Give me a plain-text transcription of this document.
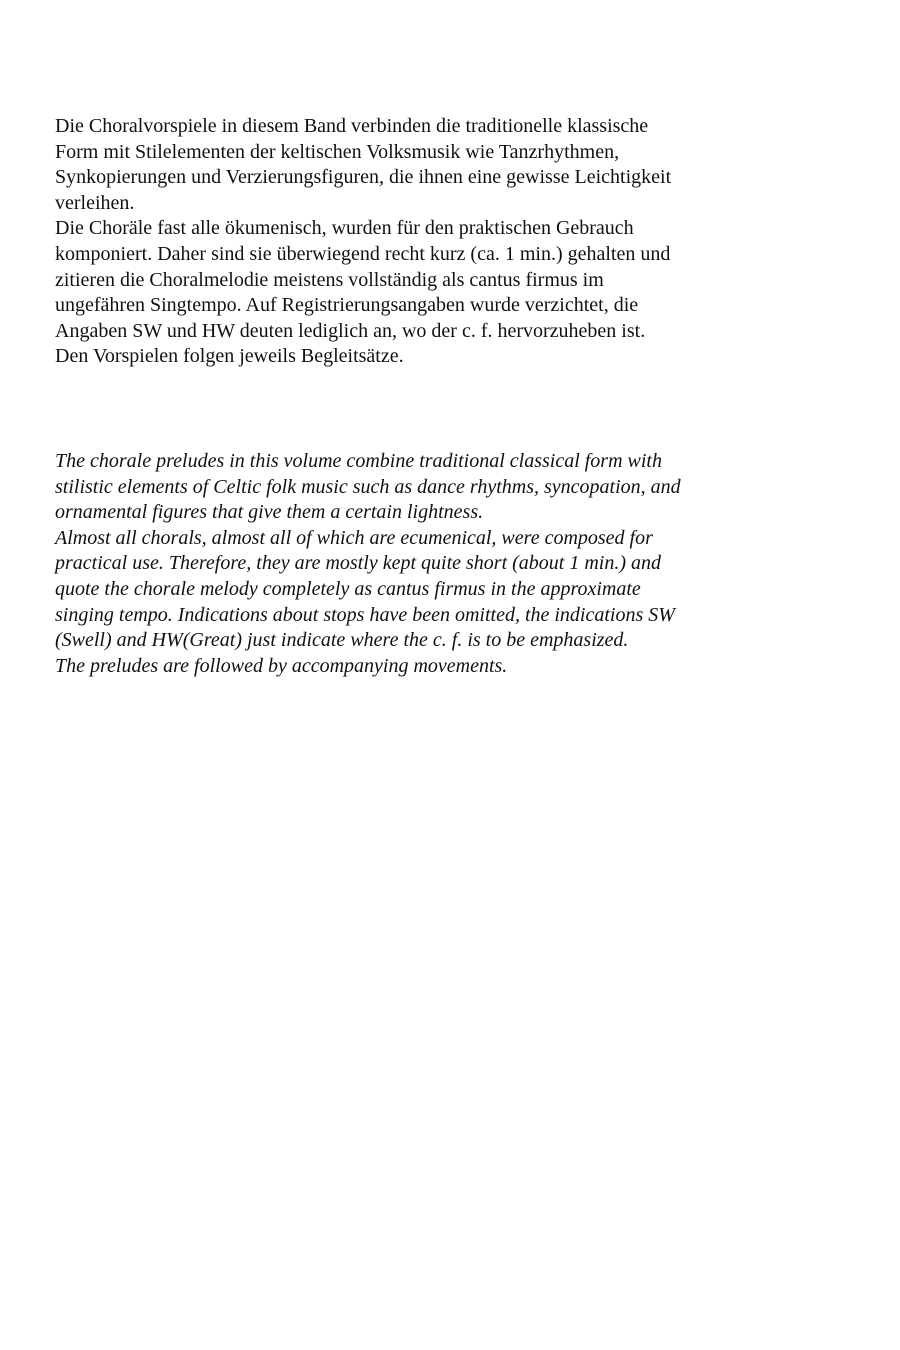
Die Choralvorspiele in diesem Band verbinden die traditionelle klassische
Form mit Stilelementen der keltischen Volksmusik wie Tanzrhythmen,
Synkopierungen und Verzierungsfiguren, die ihnen eine gewisse Leichtigkeit
verleihen.
Die Choräle fast alle ökumenisch, wurden für den praktischen Gebrauch
komponiert. Daher sind sie überwiegend recht kurz (ca. 1 min.) gehalten und
zitieren die Choralmelodie meistens vollständig als cantus firmus im
ungefähren Singtempo. Auf Registrierungsangaben wurde verzichtet, die
Angaben SW und HW deuten lediglich an, wo der c. f. hervorzuheben ist.
Den Vorspielen folgen jeweils Begleitsätze.
The chorale preludes in this volume combine traditional classical form with
stilistic elements of Celtic folk music such as dance rhythms, syncopation, and
ornamental figures that give them a certain lightness.
Almost all chorals, almost all of which are ecumenical, were composed for
practical use. Therefore, they are mostly kept quite short (about 1 min.) and
quote the chorale melody completely as cantus firmus in the approximate
singing tempo. Indications about stops have been omitted, the indications SW
(Swell) and HW(Great) just indicate where the c. f. is to be emphasized.
The preludes are followed by accompanying movements.
